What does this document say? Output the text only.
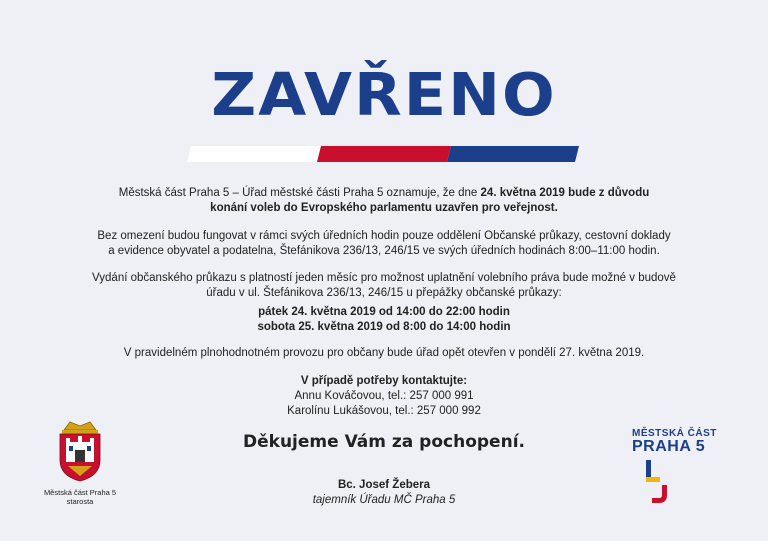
ZAVŘENO
Městská část Praha 5 – Úřad městské části Praha 5 oznamuje, že dne 24. května 2019 bude z důvodu
konání voleb do Evropského parlamentu uzavřen pro veřejnost.
Bez omezení budou fungovat v rámci svých úředních hodin pouze oddělení Občanské průkazy, cestovní doklady
a evidence obyvatel a podatelna, Štefánikova 236/13, 246/15 ve svých úředních hodinách 8:00–11:00 hodin.
Vydání občanského průkazu s platností jeden měsíc pro možnost uplatnění volebního práva bude možné v budově
úřadu v ul. Štefánikova 236/13, 246/15 u přepážky občanské průkazy:
pátek 24. května 2019 od 14:00 do 22:00 hodin
sobota 25. května 2019 od 8:00 do 14:00 hodin
V pravidelném plnohodnotném provozu pro občany bude úřad opět otevřen v pondělí 27. května 2019.
V případě potřeby kontaktujte:
Annu Kováčovou, tel.: 257 000 991
Karolínu Lukášovou, tel.: 257 000 992
Děkujeme Vám za pochopení.
Bc. Josef Žebera
tajemník Úřadu MČ Praha 5
Městská část Praha 5
starosta
MĚSTSKÁ ČÁST
PRAHA 5
